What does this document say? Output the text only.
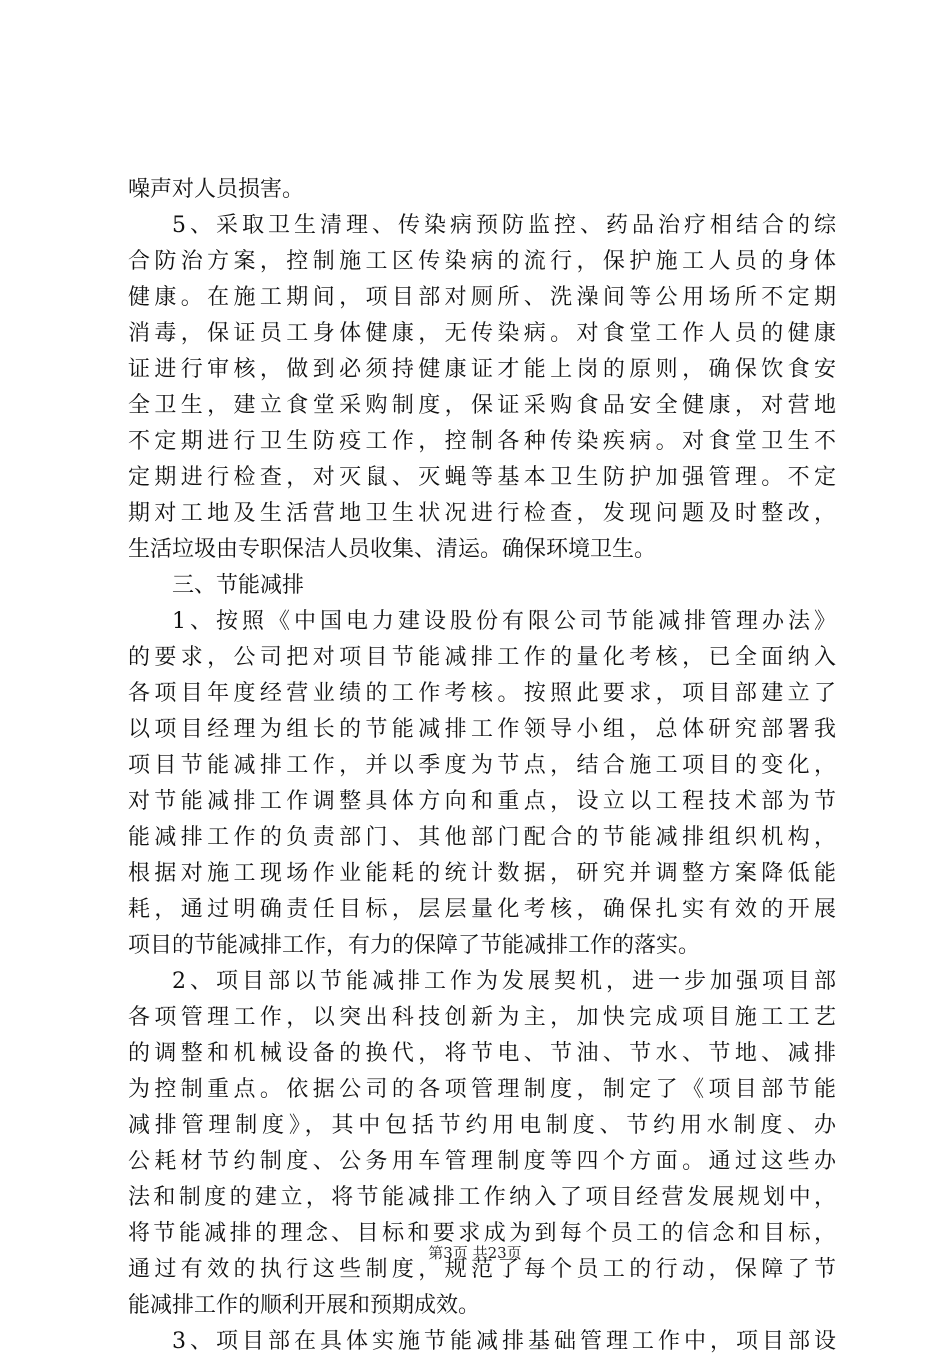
噪声对人员损害。
5、采取卫生清理、传染病预防监控、药品治疗相结合的综
合防治方案，控制施工区传染病的流行，保护施工人员的身体
健康。在施工期间，项目部对厕所、洗澡间等公用场所不定期
消毒，保证员工身体健康，无传染病。对食堂工作人员的健康
证进行审核，做到必须持健康证才能上岗的原则，确保饮食安
全卫生，建立食堂采购制度，保证采购食品安全健康，对营地
不定期进行卫生防疫工作，控制各种传染疾病。对食堂卫生不
定期进行检查，对灭鼠、灭蝇等基本卫生防护加强管理。不定
期对工地及生活营地卫生状况进行检查，发现问题及时整改，
生活垃圾由专职保洁人员收集、清运。确保环境卫生。
三、节能减排
1、按照《中国电力建设股份有限公司节能减排管理办法》
的要求，公司把对项目节能减排工作的量化考核，已全面纳入
各项目年度经营业绩的工作考核。按照此要求，项目部建立了
以项目经理为组长的节能减排工作领导小组，总体研究部署我
项目节能减排工作，并以季度为节点，结合施工项目的变化，
对节能减排工作调整具体方向和重点，设立以工程技术部为节
能减排工作的负责部门、其他部门配合的节能减排组织机构，
根据对施工现场作业能耗的统计数据，研究并调整方案降低能
耗，通过明确责任目标，层层量化考核，确保扎实有效的开展
项目的节能减排工作，有力的保障了节能减排工作的落实。
2、项目部以节能减排工作为发展契机，进一步加强项目部
各项管理工作，以突出科技创新为主，加快完成项目施工工艺
的调整和机械设备的换代，将节电、节油、节水、节地、减排
为控制重点。依据公司的各项管理制度，制定了《项目部节能
减排管理制度》，其中包括节约用电制度、节约用水制度、办
公耗材节约制度、公务用车管理制度等四个方面。通过这些办
法和制度的建立，将节能减排工作纳入了项目经营发展规划中，
将节能减排的理念、目标和要求成为到每个员工的信念和目标，
通过有效的执行这些制度，规范了每个员工的行动，保障了节
能减排工作的顺利开展和预期成效。
3、项目部在具体实施节能减排基础管理工作中，项目部设
第3页 共23页
